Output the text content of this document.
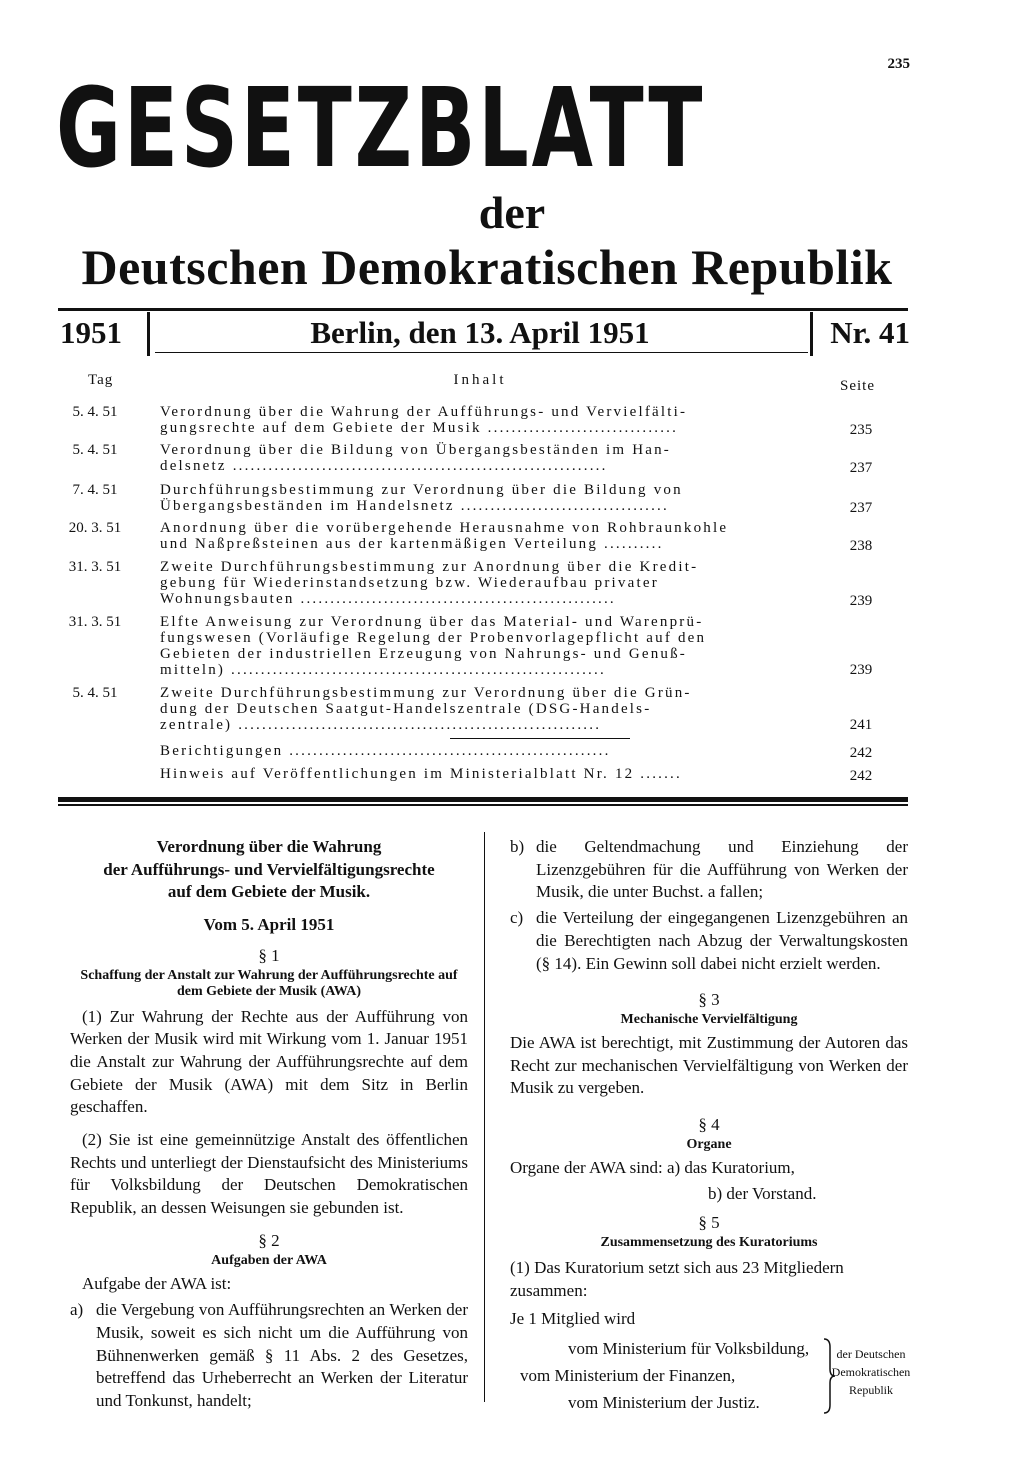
235
GESETZBLATT
der
Deutschen Demokratischen Republik
1951	Berlin, den 13. April 1951	Nr. 41
Tag	Inhalt	Seite
5. 4. 51	Verordnung über die Wahrung der Aufführungs- und Vervielfälti-
gungsrechte auf dem Gebiete der Musik ................................	235
5. 4. 51	Verordnung über die Bildung von Übergangsbeständen im Han-
delsnetz ...............................................................	237
7. 4. 51	Durchführungsbestimmung zur Verordnung über die Bildung von
Übergangsbeständen im Handelsnetz ...................................	237
20. 3. 51	Anordnung über die vorübergehende Herausnahme von Rohbraunkohle
und Naßpreßsteinen aus der kartenmäßigen Verteilung ..........	238
31. 3. 51	Zweite Durchführungsbestimmung zur Anordnung über die Kredit-
gebung für Wiederinstandsetzung bzw. Wiederaufbau privater
Wohnungsbauten .....................................................	239
31. 3. 51	Elfte Anweisung zur Verordnung über das Material- und Warenprü-
fungswesen (Vorläufige Regelung der Probenvorlagepflicht auf den
Gebieten der industriellen Erzeugung von Nahrungs- und Genuß-
mitteln) ...............................................................	239
5. 4. 51	Zweite Durchführungsbestimmung zur Verordnung über die Grün-
dung der Deutschen Saatgut-Handelszentrale (DSG-Handels-
zentrale) .............................................................	241
Berichtigungen ......................................................	242
Hinweis auf Veröffentlichungen im Ministerialblatt Nr. 12 .......	242

Verordnung über die Wahrung

der Aufführungs- und Vervielfältigungsrechte

auf dem Gebiete der Musik.

Vom 5. April 1951

§ 1

Schaffung der Anstalt zur Wahrung der Aufführungsrechte auf dem Gebiete der Musik (AWA)

(1) Zur Wahrung der Rechte aus der Aufführung von Werken der Musik wird mit Wirkung vom 1. Januar 1951 die Anstalt zur Wahrung der Aufführungsrechte auf dem Gebiete der Musik (AWA) mit dem Sitz in Berlin geschaffen.

(2) Sie ist eine gemeinnützige Anstalt des öffentlichen Rechts und unterliegt der Dienstaufsicht des Ministeriums für Volksbildung der Deutschen Demokratischen Republik, an dessen Weisungen sie gebunden ist.

§ 2

Aufgaben der AWA

Aufgabe der AWA ist:

a) die Vergebung von Aufführungsrechten an Werken der Musik, soweit es sich nicht um die Aufführung von Bühnenwerken gemäß § 11 Abs. 2 des Gesetzes, betreffend das Urheberrecht an Werken der Literatur und Tonkunst, handelt;
b) die Geltendmachung und Einziehung der Lizenzgebühren für die Aufführung von Werken der Musik, die unter Buchst. a fallen;
c) die Verteilung der eingegangenen Lizenzgebühren an die Berechtigten nach Abzug der Verwaltungskosten (§ 14). Ein Gewinn soll dabei nicht erzielt werden.

§ 3

Mechanische Vervielfältigung

Die AWA ist berechtigt, mit Zustimmung der Autoren das Recht zur mechanischen Vervielfältigung von Werken der Musik zu vergeben.

§ 4

Organe

Organe der AWA sind: a) das Kuratorium,

b) der Vorstand.

§ 5

Zusammensetzung des Kuratoriums

(1) Das Kuratorium setzt sich aus 23 Mitgliedern zusammen:

Je 1 Mitglied wird

vom Ministerium für Volksbildung,

vom Ministerium der Finanzen,

vom Ministerium der Justiz.

der Deutschen
Demokratischen
Republik
